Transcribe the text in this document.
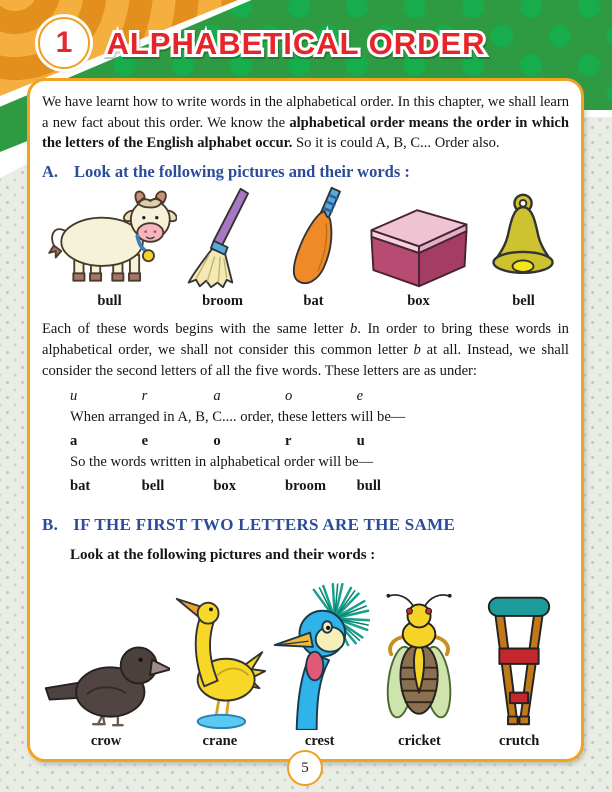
1 ALPHABETICAL ORDER

We have learnt how to write words in the alphabetical order. In this chapter, we shall learn a new fact about this order. We know the alphabetical order means the order in which the letters of the English alphabet occur. So it is could A, B, C... Order also.

A. Look at the following pictures and their words :
bull	broom	bat	box	bell

Each of these words begins with the same letter b. In order to bring these words in alphabetical order, we shall not consider this common letter b at all. Instead, we shall consider the second letters of all the five words. These letters are as under:

u	r	a	o	e
When arranged in A, B, C.... order, these letters will be—
a	e	o	r	u
So the words written in alphabetical order will be—
bat	bell	box	broom bull
B. IF THE FIRST TWO LETTERS ARE THE SAME
Look at the following pictures and their words :
crow	crane	crest	cricket	crutch
5
